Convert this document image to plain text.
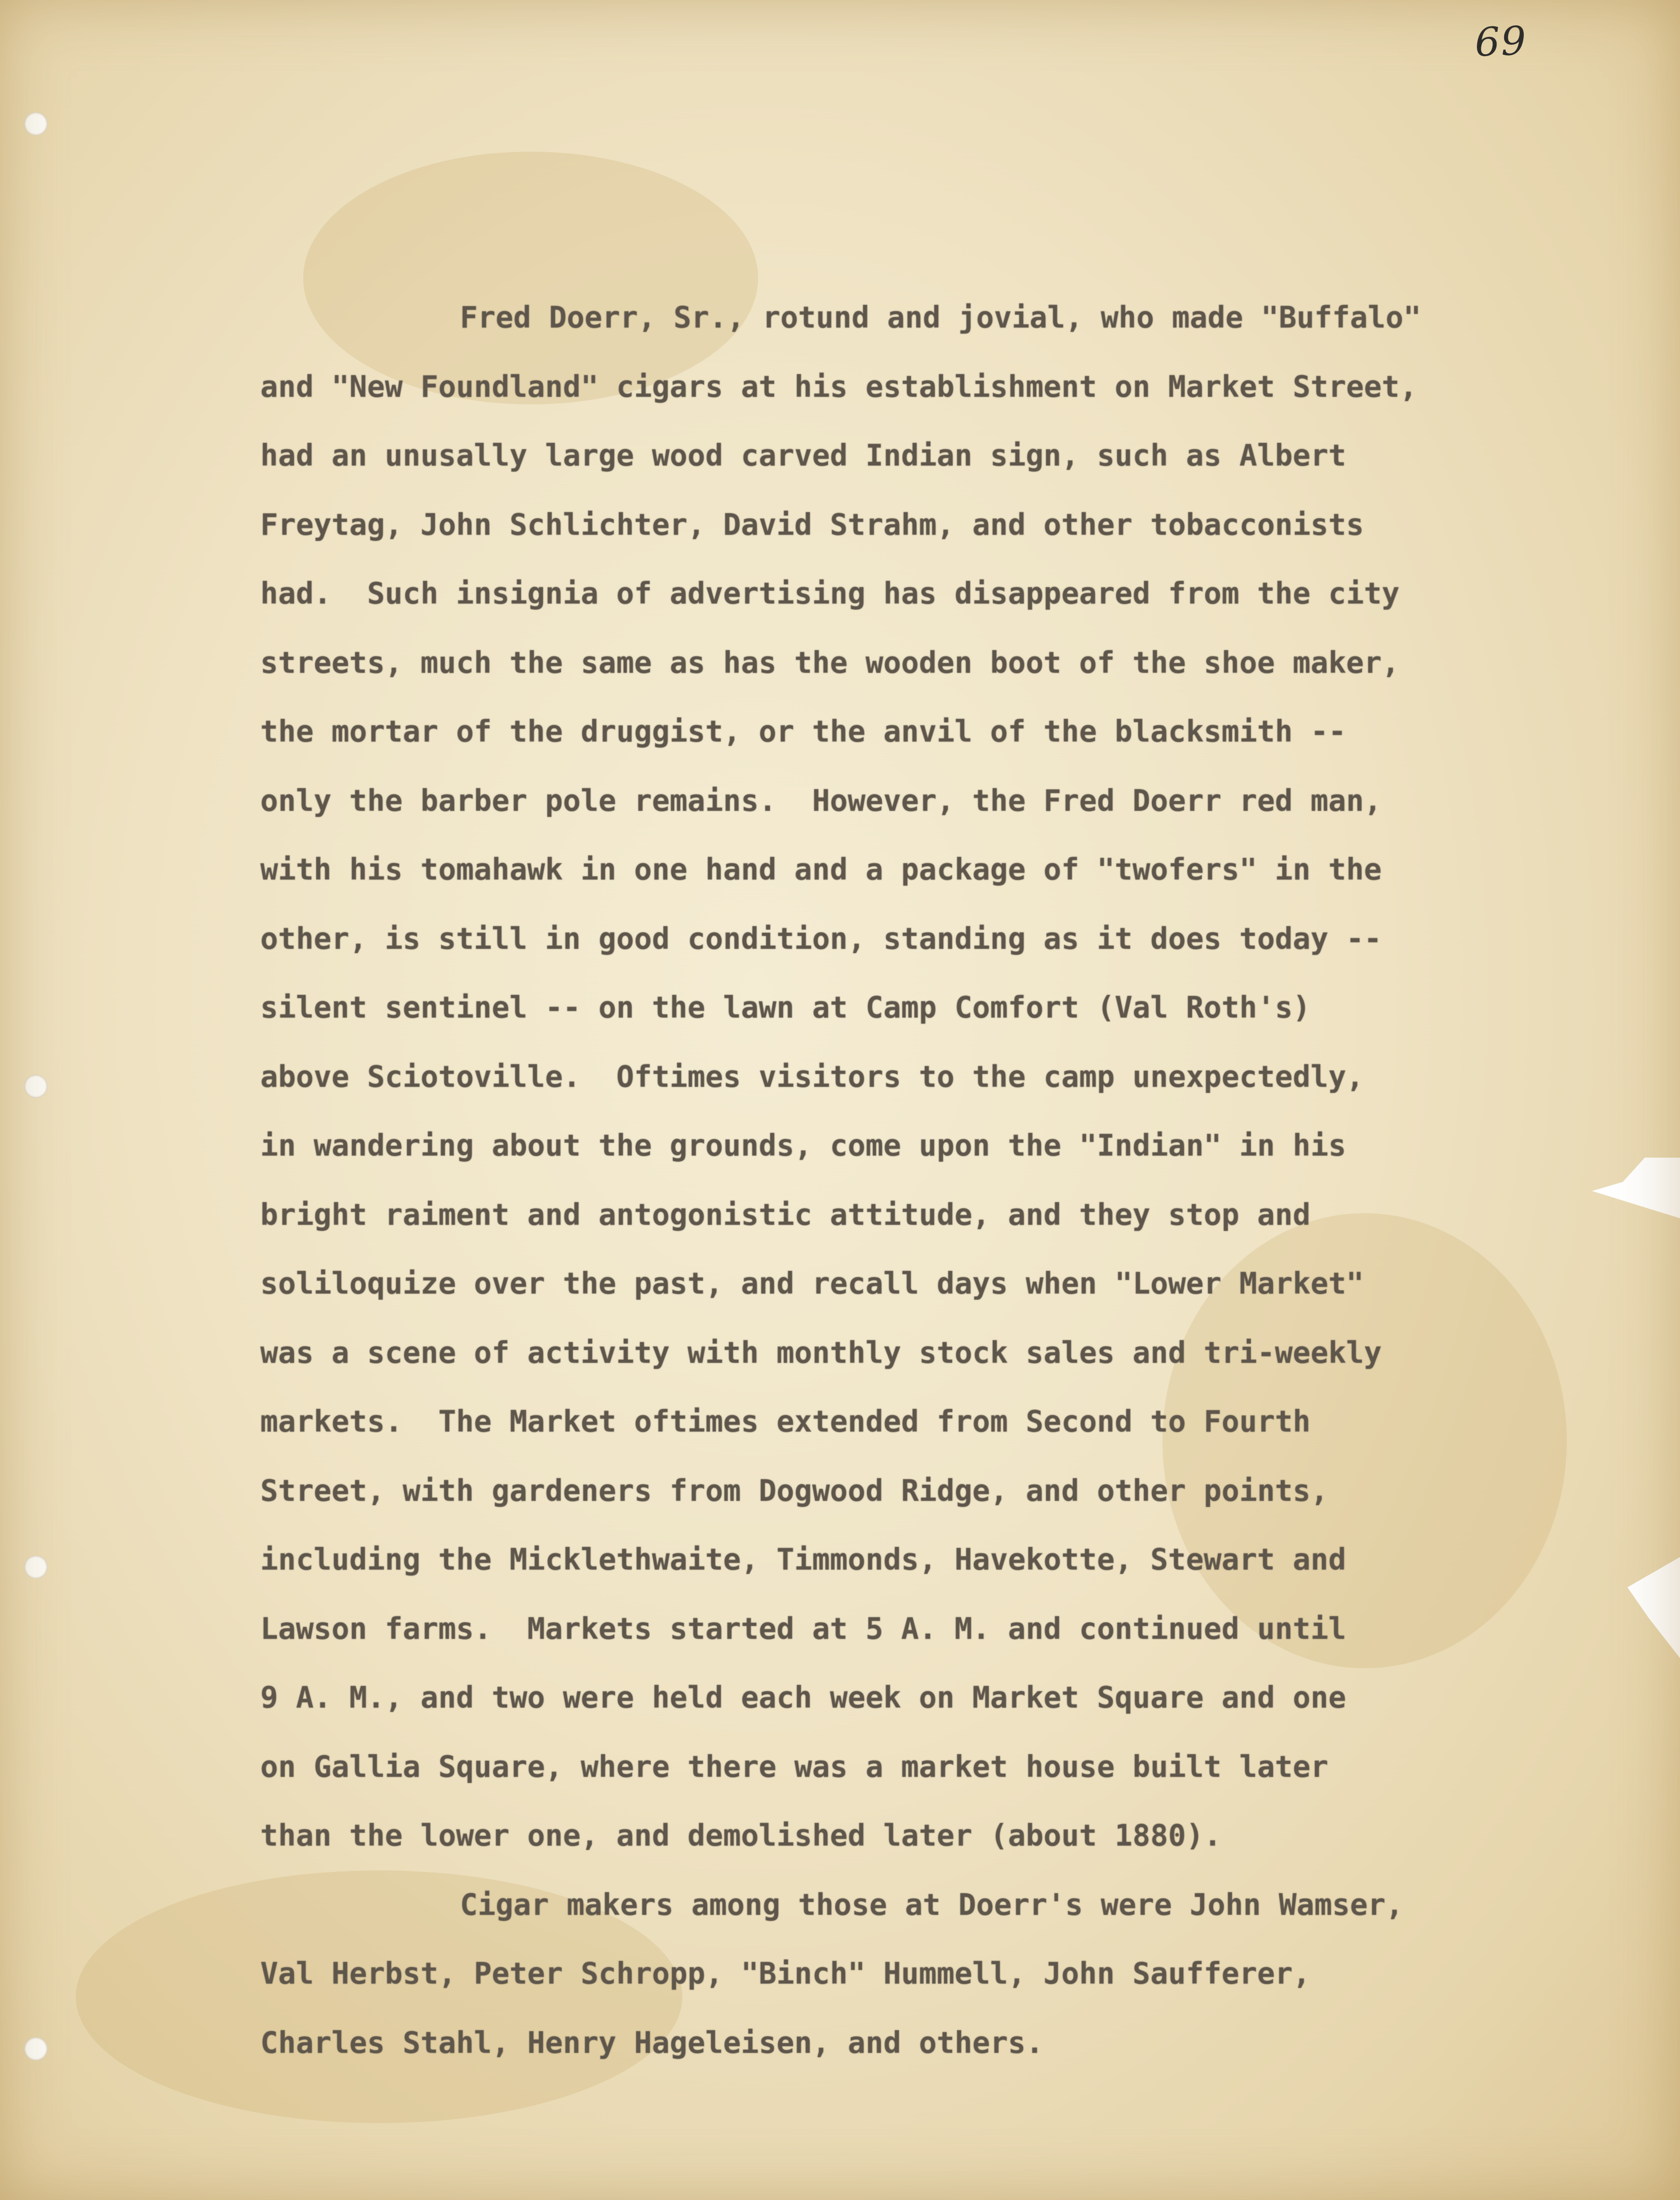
69
Fred Doerr, Sr., rotund and jovial, who made "Buffalo"
and "New Foundland" cigars at his establishment on Market Street,
had an unusally large wood carved Indian sign, such as Albert
Freytag, John Schlichter, David Strahm, and other tobacconists
had.  Such insignia of advertising has disappeared from the city
streets, much the same as has the wooden boot of the shoe maker,
the mortar of the druggist, or the anvil of the blacksmith --
only the barber pole remains.  However, the Fred Doerr red man,
with his tomahawk in one hand and a package of "twofers" in the
other, is still in good condition, standing as it does today --
silent sentinel -- on the lawn at Camp Comfort (Val Roth's)
above Sciotoville.  Oftimes visitors to the camp unexpectedly,
in wandering about the grounds, come upon the "Indian" in his
bright raiment and antogonistic attitude, and they stop and
soliloquize over the past, and recall days when "Lower Market"
was a scene of activity with monthly stock sales and tri-weekly
markets.  The Market oftimes extended from Second to Fourth
Street, with gardeners from Dogwood Ridge, and other points,
including the Micklethwaite, Timmonds, Havekotte, Stewart and
Lawson farms.  Markets started at 5 A. M. and continued until
9 A. M., and two were held each week on Market Square and one
on Gallia Square, where there was a market house built later
than the lower one, and demolished later (about 1880).
Cigar makers among those at Doerr's were John Wamser,
Val Herbst, Peter Schropp, "Binch" Hummell, John Saufferer,
Charles Stahl, Henry Hageleisen, and others.
